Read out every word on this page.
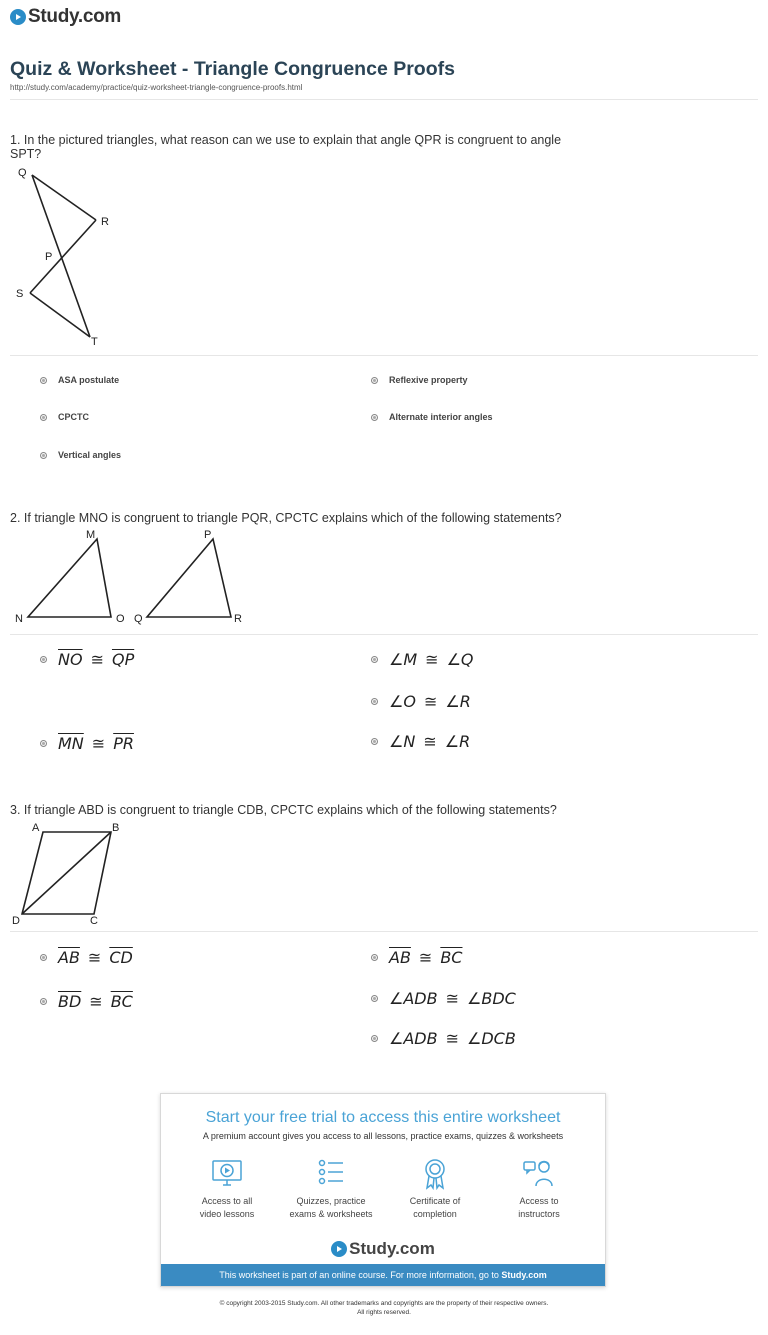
Study.com
Quiz & Worksheet - Triangle Congruence Proofs
http://study.com/academy/practice/quiz-worksheet-triangle-congruence-proofs.html
1. In the pictured triangles, what reason can we use to explain that angle QPR is congruent to angle
SPT?
Q
R
P
S
T
ASA postulate	Reflexive property
CPCTC	Alternate interior angles
Vertical angles
2. If triangle MNO is congruent to triangle PQR, CPCTC explains which of the following statements?
M
N	O
P
Q	R
$\overline{NO}$ ≅ $\overline{QP}$	∠M ≅ ∠Q
∠O ≅ ∠R
$\overline{MN}$ ≅ $\overline{PR}$	∠N ≅ ∠R
3. If triangle ABD is congruent to triangle CDB, CPCTC explains which of the following statements?
A	B
D	C
$\overline{AB}$ ≅ $\overline{CD}$	$\overline{AB}$ ≅ $\overline{BC}$
$\overline{BD}$ ≅ $\overline{BC}$	∠ADB ≅ ∠BDC
∠ADB ≅ ∠DCB
Start your free trial to access this entire worksheet
A premium account gives you access to all lessons, practice exams, quizzes & worksheets
Access to all
video lessons
Quizzes, practice
exams & worksheets
Certificate of
completion
Access to
instructors
Study.com
This worksheet is part of an online course. For more information, go to Study.com
© copyright 2003-2015 Study.com. All other trademarks and copyrights are the property of their respective owners.
All rights reserved.
